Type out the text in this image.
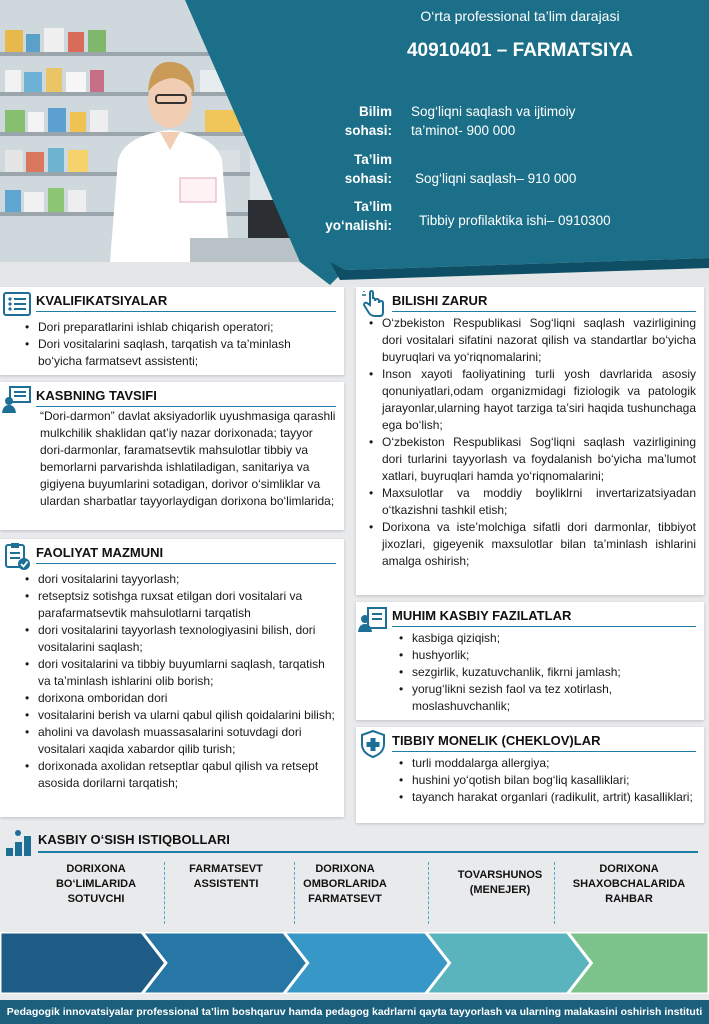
O‘rta professional ta’lim darajasi
40910401 – FARMATSIYA
Bilim
sohasi:
Sog‘liqni saqlash va ijtimoiy
ta’minot- 900 000
Ta’lim
sohasi: Sog‘liqni saqlash– 910 000
Ta’lim
yo‘nalishi: Tibbiy profilaktika ishi– 0910300
KVALIFIKATSIYALAR
• Dori preparatlarini ishlab chiqarish operatori;
• Dori vositalarini saqlash, tarqatish va ta’minlash bo‘yicha farmatsevt assistenti;
KASBNING TAVSIFI
“Dori-darmon” davlat aksiyadorlik uyushmasiga qarashli mulkchilik shaklidan qat’iy nazar dorixonada; tayyor dori-darmonlar, faramatsevtik mahsulotlar tibbiy va bemorlarni parvarishda ishlatiladigan, sanitariya va gigiyena buyumlarini sotadigan, dorivor o‘simliklar va ulardan sharbatlar tayyorlaydigan dorixona bo‘limlarida;
FAOLIYAT MAZMUNI
• dori vositalarini tayyorlash;
• retseptsiz sotishga ruxsat etilgan dori vositalari va parafarmatsevtik mahsulotlarni tarqatish
• dori vositalarini tayyorlash texnologiyasini bilish, dori vositalarini saqlash;
• dori vositalarini va tibbiy buyumlarni saqlash, tarqatish va ta’minlash ishlarini olib borish;
• dorixona omboridan dori
• vositalarini berish va ularni qabul qilish qoidalarini bilish;
• aholini va davolash muassasalarini sotuvdagi dori vositalari xaqida xabardor qilib turish;
• dorixonada axolidan retseptlar qabul qilish va retsept asosida dorilarni tarqatish;
BILISHI ZARUR
• O‘zbekiston Respublikasi Sog‘liqni saqlash vazirligining dori vositalari sifatini nazorat qilish va standartlar bo‘yicha buyruqlari va yo‘riqnomalarini;
• Inson xayoti faoliyatining turli yosh davrlarida asosiy qonuniyatlari,odam organizmidagi fiziologik va patologik jarayonlar,ularning hayot tarziga ta’siri haqida tushunchaga ega bo‘lish;
• O‘zbekiston Respublikasi Sog‘liqni saqlash vazirligining dori turlarini tayyorlash va foydalanish bo‘yicha ma’lumot xatlari, buyruqlari hamda yo‘riqnomalarini;
• Maxsulotlar va moddiy boyliklrni invertarizatsiyadan o‘tkazishni tashkil etish;
• Dorixona va iste’molchiga sifatli dori darmonlar, tibbiyot jixozlari, gigeyenik maxsulotlar bilan ta’minlash ishlarini amalga oshirish;
MUHIM KASBIY FAZILATLAR
• kasbiga qiziqish;
• hushyorlik;
• sezgirlik, kuzatuvchanlik, fikrni jamlash;
• yorug‘likni sezish faol va tez xotirlash, moslashuvchanlik;
TIBBIY MONELIK (CHEKLOV)LAR
• turli moddalarga allergiya;
• hushini yo‘qotish bilan bog‘liq kasalliklari;
• tayanch harakat organlari (radikulit, artrit) kasalliklari;
KASBIY O‘SISH ISTIQBOLLARI
DORIXONA BO‘LIMLARIDA SOTUVCHI
FARMATSEVT ASSISTENTI
DORIXONA OMBORLARIDA FARMATSEVT
TOVARSHUNOS (MENEJER)
DORIXONA SHAXOBCHALARIDA RAHBAR
Pedagogik innovatsiyalar professional ta’lim boshqaruv hamda pedagog kadrlarni qayta tayyorlash va ularning malakasini oshirish instituti
